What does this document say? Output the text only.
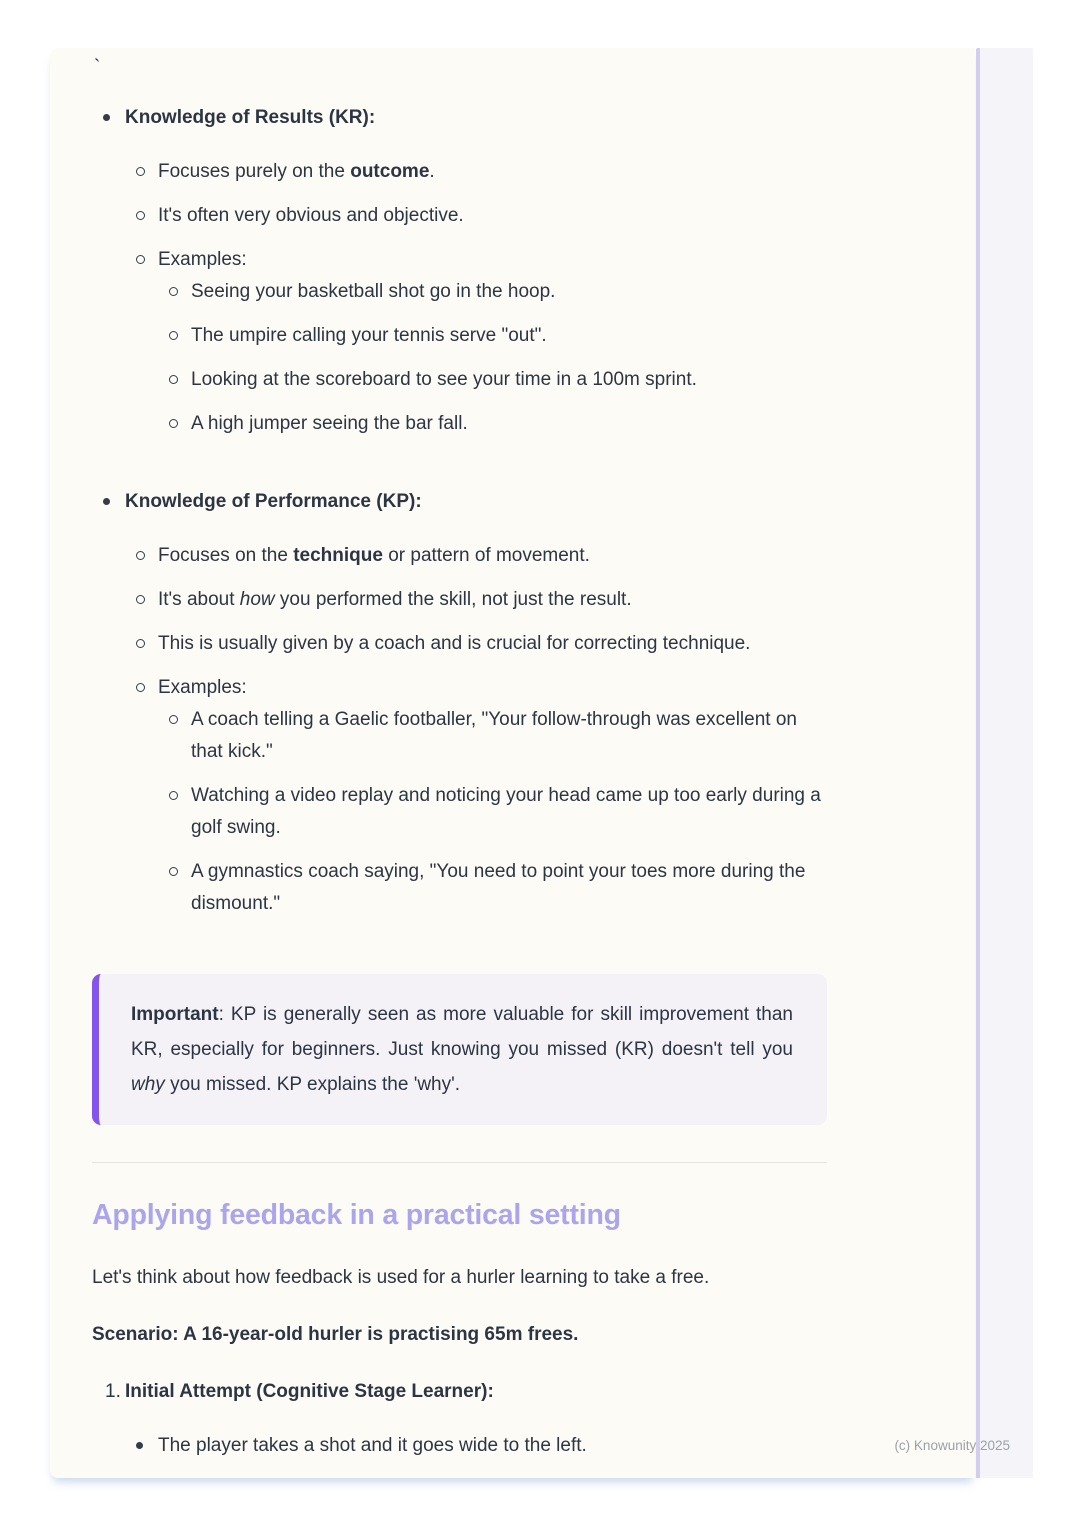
`
Knowledge of Results (KR):
Focuses purely on the outcome.
It's often very obvious and objective.
Examples:
Seeing your basketball shot go in the hoop.
The umpire calling your tennis serve "out".
Looking at the scoreboard to see your time in a 100m sprint.
A high jumper seeing the bar fall.
Knowledge of Performance (KP):
Focuses on the technique or pattern of movement.
It's about how you performed the skill, not just the result.
This is usually given by a coach and is crucial for correcting technique.
Examples:
A coach telling a Gaelic footballer, "Your follow-through was excellent on that kick."
Watching a video replay and noticing your head came up too early during a golf swing.
A gymnastics coach saying, "You need to point your toes more during the dismount."
Important: KP is generally seen as more valuable for skill improvement than KR, especially for beginners. Just knowing you missed (KR) doesn't tell you why you missed. KP explains the 'why'.
Applying feedback in a practical setting

Let's think about how feedback is used for a hurler learning to take a free.

Scenario: A 16-year-old hurler is practising 65m frees.

1. Initial Attempt (Cognitive Stage Learner):
The player takes a shot and it goes wide to the left.	(c) Knowunity 2025
